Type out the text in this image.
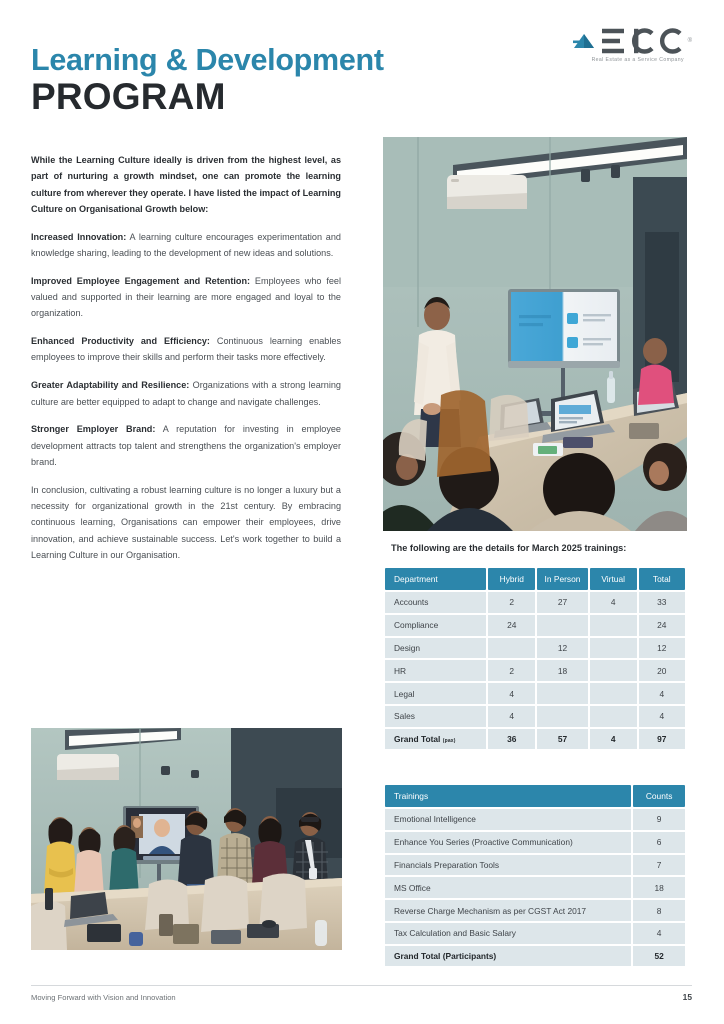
®
Real Estate as a Service Company
Learning & Development
PROGRAM
While the Learning Culture ideally is driven from the highest level, as part of nurturing a growth mindset, one can promote the learning culture from wherever they operate. I have listed the impact of Learning Culture on Organisational Growth below:
Increased Innovation: A learning culture encourages experimentation and knowledge sharing, leading to the development of new ideas and solutions.
Improved Employee Engagement and Retention: Employees who feel valued and supported in their learning are more engaged and loyal to the organization.
Enhanced Productivity and Efficiency: Continuous learning enables employees to improve their skills and perform their tasks more effectively.
Greater Adaptability and Resilience: Organizations with a strong learning culture are better equipped to adapt to change and navigate challenges.
Stronger Employer Brand: A reputation for investing in employee development attracts top talent and strengthens the organization's employer brand.
In conclusion, cultivating a robust learning culture is no longer a luxury but a necessity for organizational growth in the 21st century. By embracing continuous learning, Organisations can empower their employees, drive innovation, and achieve sustainable success. Let's work together to build a Learning Culture in our Organisation.
The following are the details for March 2025 trainings:
Department	Hybrid	In Person	Virtual	Total
Accounts	2	27	4	33
Compliance	24			24
Design		12		12
HR	2	18		20
Legal	4			4
Sales	4			4
Grand Total (pax)	36	57	4	97
Trainings	Counts
Emotional Intelligence	9
Enhance You Series (Proactive Communication)	6
Financials Preparation Tools	7
MS Office	18
Reverse Charge Mechanism as per CGST Act 2017	8
Tax Calculation and Basic Salary	4
Grand Total (Participants)	52
Moving Forward with Vision and Innovation	15
